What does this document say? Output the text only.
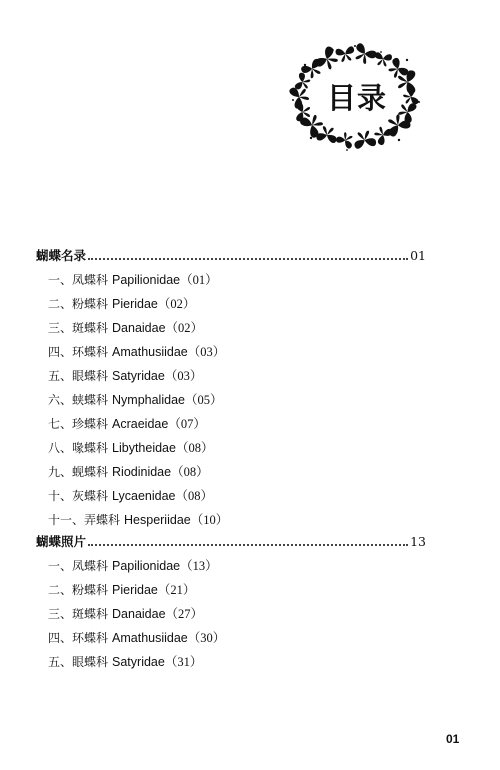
目录
蝴蝶名录	01
一、凤蝶科 Papilionidae（01）
二、粉蝶科 Pieridae（02）
三、斑蝶科 Danaidae（02）
四、环蝶科 Amathusiidae（03）
五、眼蝶科 Satyridae（03）
六、蛱蝶科 Nymphalidae（05）
七、珍蝶科 Acraeidae（07）
八、喙蝶科 Libytheidae（08）
九、蚬蝶科 Riodinidae（08）
十、灰蝶科 Lycaenidae（08）
十一、弄蝶科 Hesperiidae（10）
蝴蝶照片	13
一、凤蝶科 Papilionidae（13）
二、粉蝶科 Pieridae（21）
三、斑蝶科 Danaidae（27）
四、环蝶科 Amathusiidae（30）
五、眼蝶科 Satyridae（31）
01
